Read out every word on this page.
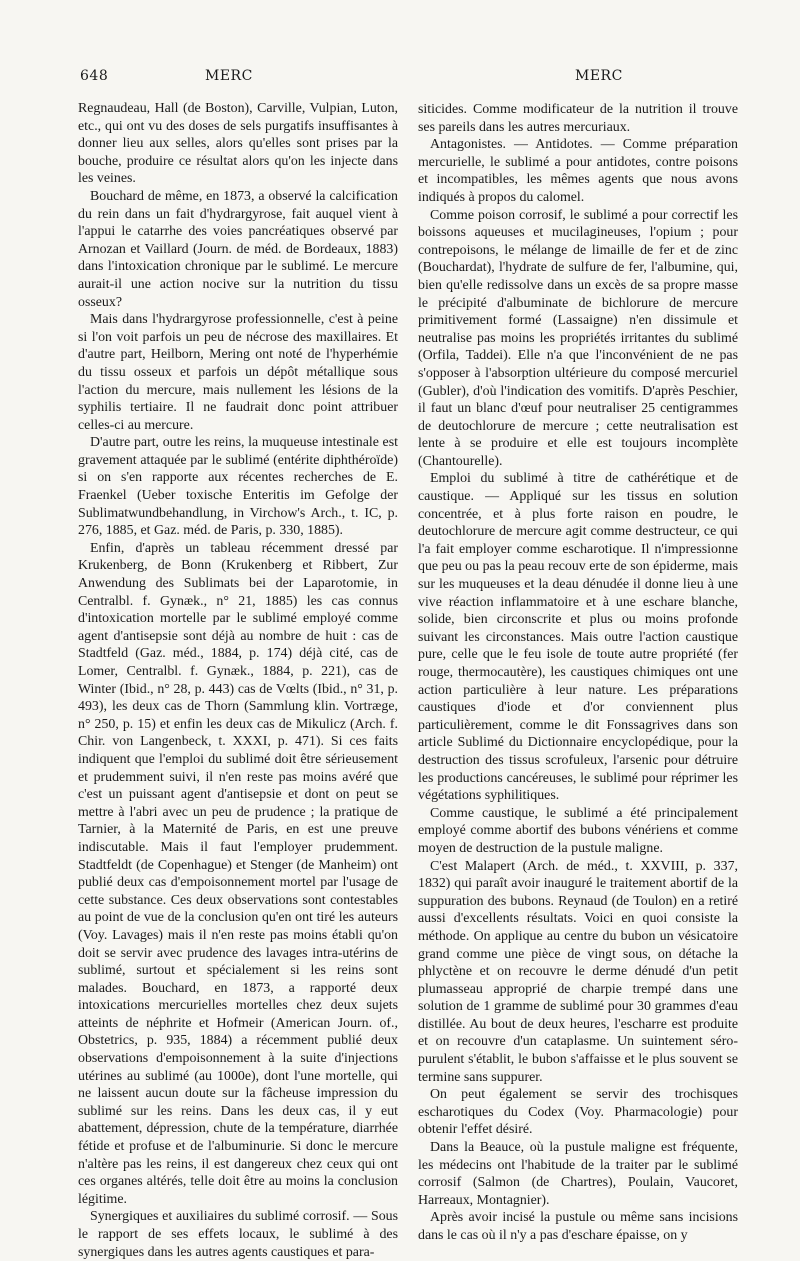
648	MERC	MERC

Regnaudeau, Hall (de Boston), Carville, Vulpian, Luton, etc., qui ont vu des doses de sels purgatifs insuffisantes à donner lieu aux selles, alors qu'elles sont prises par la bouche, produire ce résultat alors qu'on les injecte dans les veines.

Bouchard de même, en 1873, a observé la calcification du rein dans un fait d'hydrargyrose, fait auquel vient à l'appui le catarrhe des voies pancréatiques observé par Arnozan et Vaillard (Journ. de méd. de Bordeaux, 1883) dans l'intoxication chronique par le sublimé. Le mercure aurait-il une action nocive sur la nutrition du tissu osseux?

Mais dans l'hydrargyrose professionnelle, c'est à peine si l'on voit parfois un peu de nécrose des maxillaires. Et d'autre part, Heilborn, Mering ont noté de l'hyperhémie du tissu osseux et parfois un dépôt métallique sous l'action du mercure, mais nullement les lésions de la syphilis tertiaire. Il ne faudrait donc point attribuer celles-ci au mercure.

D'autre part, outre les reins, la muqueuse intestinale est gravement attaquée par le sublimé (entérite diphthéroïde) si on s'en rapporte aux récentes recherches de E. Fraenkel (Ueber toxische Enteritis im Gefolge der Sublimatwundbehandlung, in Virchow's Arch., t. IC, p. 276, 1885, et Gaz. méd. de Paris, p. 330, 1885).

Enfin, d'après un tableau récemment dressé par Krukenberg, de Bonn (Krukenberg et Ribbert, Zur Anwendung des Sublimats bei der Laparotomie, in Centralbl. f. Gynæk., n° 21, 1885) les cas connus d'intoxication mortelle par le sublimé employé comme agent d'antisepsie sont déjà au nombre de huit : cas de Stadtfeld (Gaz. méd., 1884, p. 174) déjà cité, cas de Lomer, Centralbl. f. Gynæk., 1884, p. 221), cas de Winter (Ibid., n° 28, p. 443) cas de Vœlts (Ibid., n° 31, p. 493), les deux cas de Thorn (Sammlung klin. Vortræge, n° 250, p. 15) et enfin les deux cas de Mikulicz (Arch. f. Chir. von Langenbeck, t. XXXI, p. 471). Si ces faits indiquent que l'emploi du sublimé doit être sérieusement et prudemment suivi, il n'en reste pas moins avéré que c'est un puissant agent d'antisepsie et dont on peut se mettre à l'abri avec un peu de prudence ; la pratique de Tarnier, à la Maternité de Paris, en est une preuve indiscutable. Mais il faut l'employer prudemment. Stadtfeldt (de Copenhague) et Stenger (de Manheim) ont publié deux cas d'empoisonnement mortel par l'usage de cette substance. Ces deux observations sont contestables au point de vue de la conclusion qu'en ont tiré les auteurs (Voy. Lavages) mais il n'en reste pas moins établi qu'on doit se servir avec prudence des lavages intra-utérins de sublimé, surtout et spécialement si les reins sont malades. Bouchard, en 1873, a rapporté deux intoxications mercurielles mortelles chez deux sujets atteints de néphrite et Hofmeir (American Journ. of., Obstetrics, p. 935, 1884) a récemment publié deux observations d'empoisonnement à la suite d'injections utérines au sublimé (au 1000e), dont l'une mortelle, qui ne laissent aucun doute sur la fâcheuse impression du sublimé sur les reins. Dans les deux cas, il y eut abattement, dépression, chute de la température, diarrhée fétide et profuse et de l'albuminurie. Si donc le mercure n'altère pas les reins, il est dangereux chez ceux qui ont ces organes altérés, telle doit être au moins la conclusion légitime.

Synergiques et auxiliaires du sublimé corrosif. — Sous le rapport de ses effets locaux, le sublimé à des synergiques dans les autres agents caustiques et para-

siticides. Comme modificateur de la nutrition il trouve ses pareils dans les autres mercuriaux.

Antagonistes. — Antidotes. — Comme préparation mercurielle, le sublimé a pour antidotes, contre poisons et incompatibles, les mêmes agents que nous avons indiqués à propos du calomel.

Comme poison corrosif, le sublimé a pour correctif les boissons aqueuses et mucilagineuses, l'opium ; pour contrepoisons, le mélange de limaille de fer et de zinc (Bouchardat), l'hydrate de sulfure de fer, l'albumine, qui, bien qu'elle redissolve dans un excès de sa propre masse le précipité d'albuminate de bichlorure de mercure primitivement formé (Lassaigne) n'en dissimule et neutralise pas moins les propriétés irritantes du sublimé (Orfila, Taddei). Elle n'a que l'inconvénient de ne pas s'opposer à l'absorption ultérieure du composé mercuriel (Gubler), d'où l'indication des vomitifs. D'après Peschier, il faut un blanc d'œuf pour neutraliser 25 centigrammes de deutochlorure de mercure ; cette neutralisation est lente à se produire et elle est toujours incomplète (Chantourelle).

Emploi du sublimé à titre de cathérétique et de caustique. — Appliqué sur les tissus en solution concentrée, et à plus forte raison en poudre, le deutochlorure de mercure agit comme destructeur, ce qui l'a fait employer comme escharotique. Il n'impressionne que peu ou pas la peau recouv erte de son épiderme, mais sur les muqueuses et la deau dénudée il donne lieu à une vive réaction inflammatoire et à une eschare blanche, solide, bien circonscrite et plus ou moins profonde suivant les circonstances. Mais outre l'action caustique pure, celle que le feu isole de toute autre propriété (fer rouge, thermocautère), les caustiques chimiques ont une action particulière à leur nature. Les préparations caustiques d'iode et d'or conviennent plus particulièrement, comme le dit Fonssagrives dans son article Sublimé du Dictionnaire encyclopédique, pour la destruction des tissus scrofuleux, l'arsenic pour détruire les productions cancéreuses, le sublimé pour réprimer les végétations syphilitiques.

Comme caustique, le sublimé a été principalement employé comme abortif des bubons vénériens et comme moyen de destruction de la pustule maligne.

C'est Malapert (Arch. de méd., t. XXVIII, p. 337, 1832) qui paraît avoir inauguré le traitement abortif de la suppuration des bubons. Reynaud (de Toulon) en a retiré aussi d'excellents résultats. Voici en quoi consiste la méthode. On applique au centre du bubon un vésicatoire grand comme une pièce de vingt sous, on détache la phlyctène et on recouvre le derme dénudé d'un petit plumasseau approprié de charpie trempé dans une solution de 1 gramme de sublimé pour 30 grammes d'eau distillée. Au bout de deux heures, l'escharre est produite et on recouvre d'un cataplasme. Un suintement séro-purulent s'établit, le bubon s'affaisse et le plus souvent se termine sans suppurer.

On peut également se servir des trochisques escharotiques du Codex (Voy. Pharmacologie) pour obtenir l'effet désiré.

Dans la Beauce, où la pustule maligne est fréquente, les médecins ont l'habitude de la traiter par le sublimé corrosif (Salmon (de Chartres), Poulain, Vaucoret, Harreaux, Montagnier).

Après avoir incisé la pustule ou même sans incisions dans le cas où il n'y a pas d'eschare épaisse, on y
